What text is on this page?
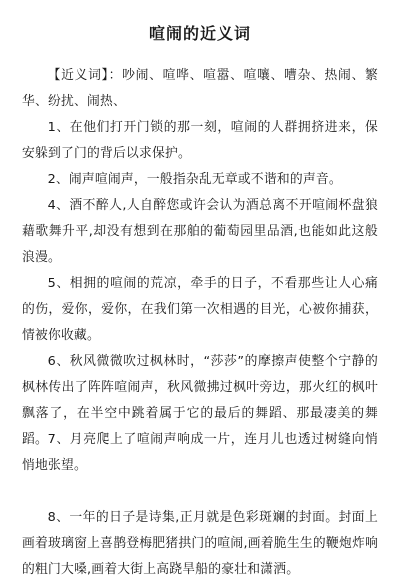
喧闹的近义词

【近义词】：吵闹、喧哗、喧嚣、喧嚷、嘈杂、热闹、繁华、纷扰、闹热、

1、在他们打开门锁的那一刻，喧闹的人群拥挤进来，保安躲到了门的背后以求保护。

2、闹声喧闹声，一般指杂乱无章或不谐和的声音。

4、酒不醉人,人自醉您或许会认为酒总离不开喧闹杯盘狼藉歌舞升平,却没有想到在那舶的葡萄园里品酒,也能如此这般浪漫。

5、相拥的喧闹的荒凉，牵手的日子，不看那些让人心痛的伤，爱你，爱你，在我们第一次相遇的目光，心被你捕获，情被你收藏。

6、秋风微微吹过枫林时，“莎莎”的摩擦声使整个宁静的枫林传出了阵阵喧闹声，秋风微拂过枫叶旁边，那火红的枫叶飘落了，在半空中跳着属于它的最后的舞蹈、那最凄美的舞蹈。 7、月亮爬上了喧闹声响成一片，连月儿也透过树缝向悄悄地张望。

8、一年的日子是诗集,正月就是色彩斑斓的封面。封面上画着玻璃窗上喜鹊登梅肥猪拱门的喧闹,画着脆生生的鞭炮炸响的粗门大嗓,画着大街上高跷旱船的豪壮和潇洒。
